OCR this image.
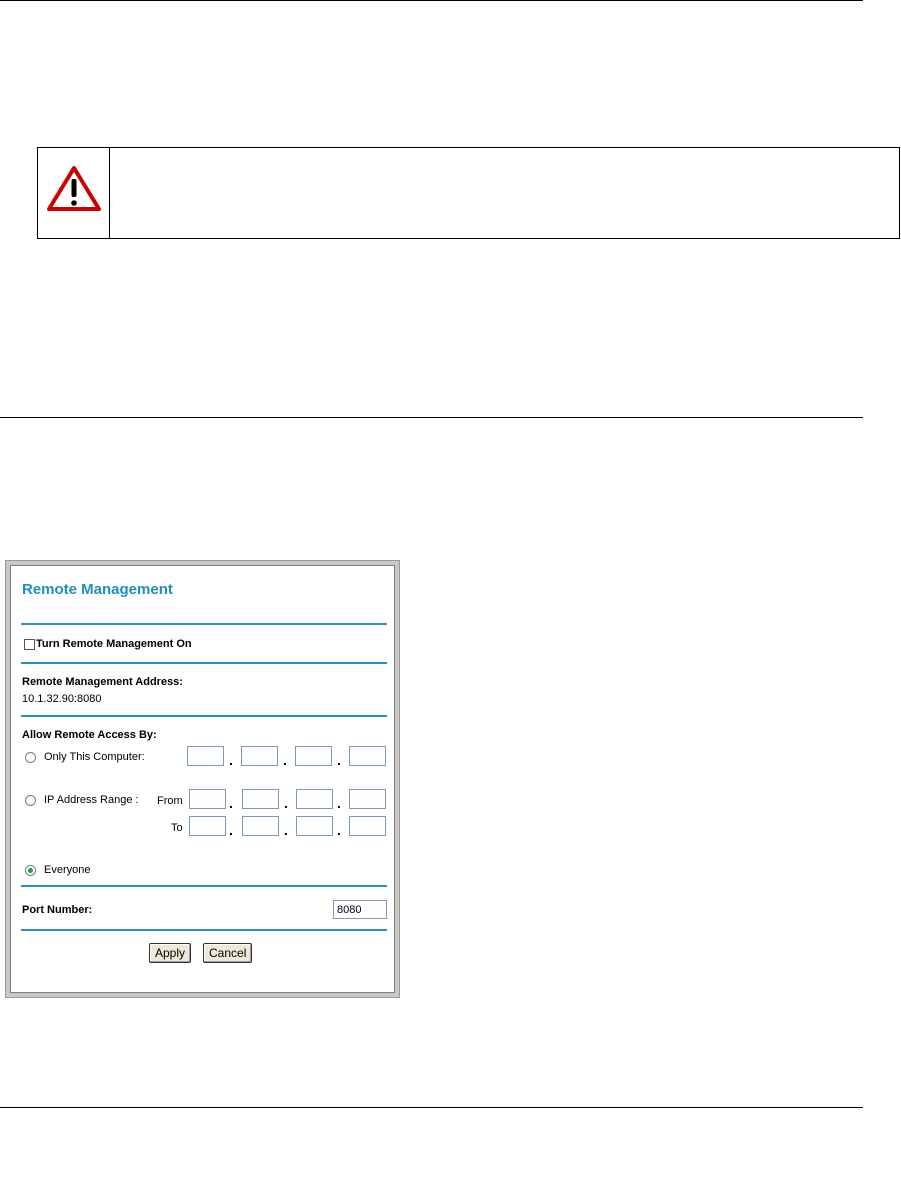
Remote Management
Turn Remote Management On
Remote Management Address:
10.1.32.90:8080
Allow Remote Access By:
Only This Computer:	.	.	.
IP Address Range : From	.	.	.
To	.	.	.
Everyone
Port Number:
8080
Apply	Cancel
